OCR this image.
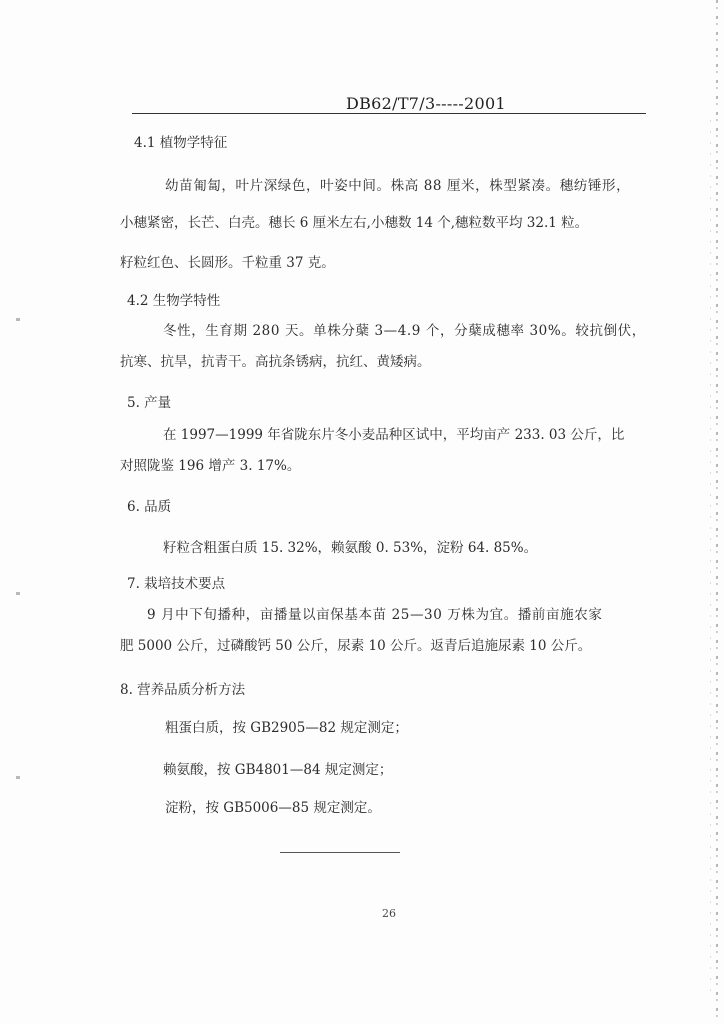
DB62/T7/3-----2001
4.1 植物学特征
幼苗匍匐，叶片深绿色，叶姿中间。株高 88 厘米，株型紧凑。穗纺锤形，
小穗紧密，长芒、白壳。穗长 6 厘米左右,小穗数 14 个,穗粒数平均 32.1 粒。
籽粒红色、长圆形。千粒重 37 克。
4.2 生物学特性
冬性，生育期 280 天。单株分蘖 3—4.9 个，分蘖成穗率 30%。较抗倒伏，
抗寒、抗旱，抗青干。高抗条锈病，抗红、黄矮病。
5. 产量
在 1997—1999 年省陇东片冬小麦品种区试中，平均亩产 233. 03 公斤，比
对照陇鉴 196 增产 3. 17%。
6. 品质
籽粒含粗蛋白质 15. 32%，赖氨酸 0. 53%，淀粉 64. 85%。
7. 栽培技术要点
9 月中下旬播种，亩播量以亩保基本苗 25—30 万株为宜。播前亩施农家
肥 5000 公斤，过磷酸钙 50 公斤，尿素 10 公斤。返青后追施尿素 10 公斤。
8. 营养品质分析方法
粗蛋白质，按 GB2905—82 规定测定；
赖氨酸，按 GB4801—84 规定测定；
淀粉，按 GB5006—85 规定测定。
26
